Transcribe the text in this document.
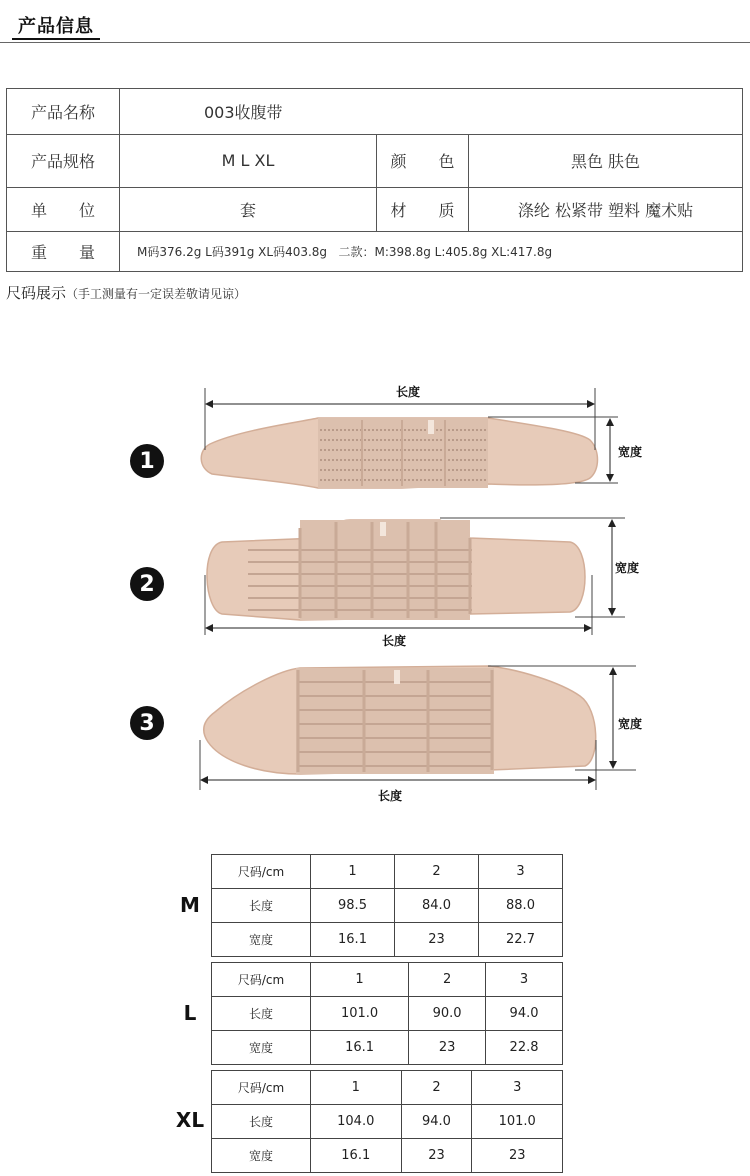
产品信息
产品名称	003收腹带
产品规格	M L XL	颜　　色	黑色 肤色
单　　位	套	材　　质	涤纶 松紧带 塑料 魔术贴
重　　量	M码376.2g L码391g XL码403.8g   二款：M:398.8g L:405.8g XL:417.8g
尺码展示（手工测量有一定误差敬请见谅）
1
2
3
长度
宽度
长度
宽度
长度
宽度
M
尺码/cm	1	2	3
长度	98.5	84.0	88.0
宽度	16.1	23	22.7
L
尺码/cm	1	2	3
长度	101.0	90.0	94.0
宽度	16.1	23	22.8
XL
尺码/cm	1	2	3
长度	104.0	94.0	101.0
宽度	16.1	23	23
